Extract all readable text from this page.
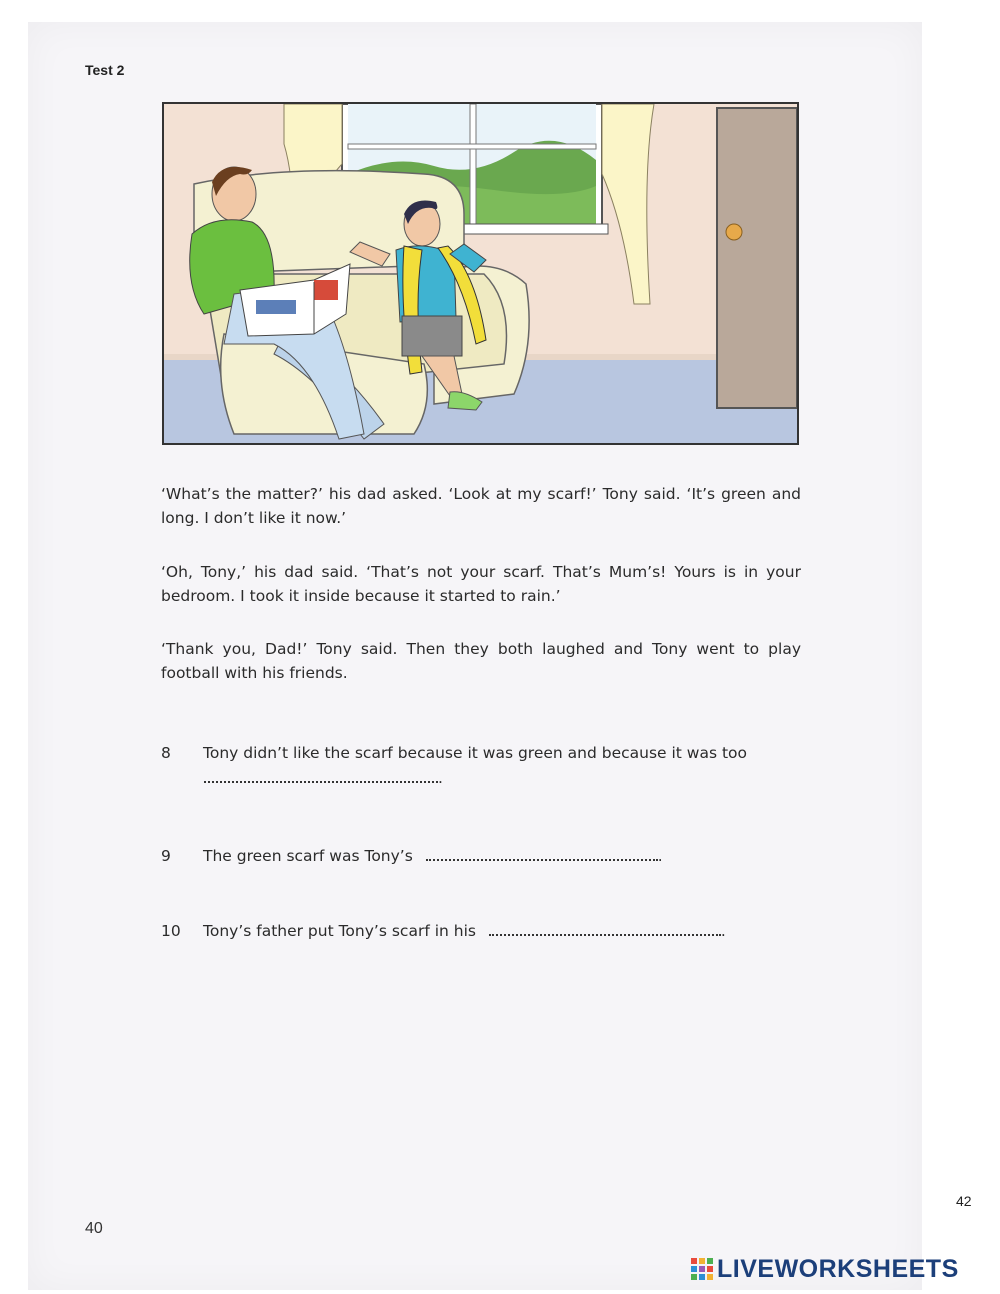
Test 2

‘What’s the matter?’ his dad asked. ‘Look at my scarf!’ Tony said. ‘It’s green and long. I don’t like it now.’

‘Oh, Tony,’ his dad said. ‘That’s not your scarf. That’s Mum’s! Yours is in your bedroom. I took it inside because it started to rain.’

‘Thank you, Dad!’ Tony said. Then they both laughed and Tony went to play football with his friends.

8 Tony didn’t like the scarf because it was green and because it was too
.
9 The green scarf was Tony’s	.
10 Tony’s father put Tony’s scarf in his	.
40
42
LIVEWORKSHEETS
